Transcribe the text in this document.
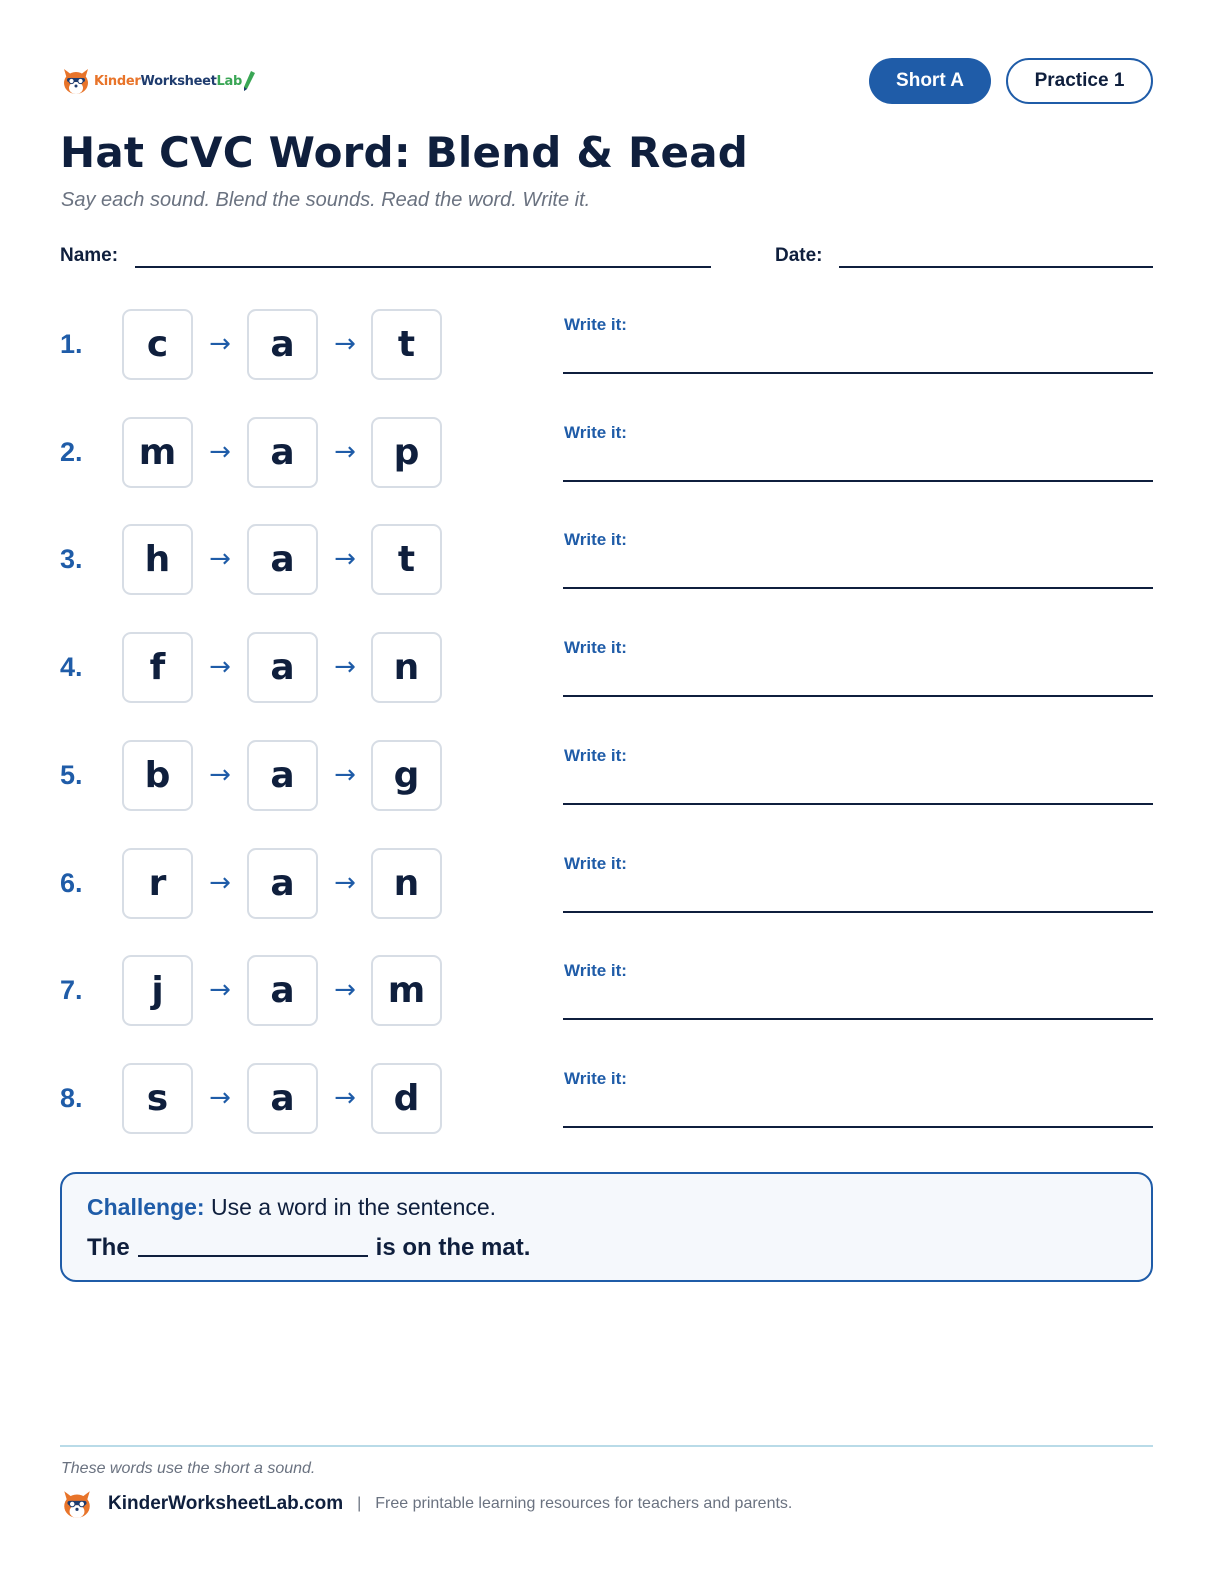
KinderWorksheetLab	Short A	Practice 1
Hat CVC Word: Blend & Read
Say each sound. Blend the sounds. Read the word. Write it.
Name:	Date:
1.	c	→	a	→	t	Write it:
2.	m	→	a	→	p	Write it:
3.	h	→	a	→	t	Write it:
4.	f	→	a	→	n	Write it:
5.	b	→	a	→	g	Write it:
6.	r	→	a	→	n	Write it:
7.	j	→	a	→ m	Write it:
8.	s	→	a	→	d	Write it:
Challenge: Use a word in the sentence.
The	is on the mat.
These words use the short a sound.
KinderWorksheetLab.com | Free printable learning resources for teachers and parents.
